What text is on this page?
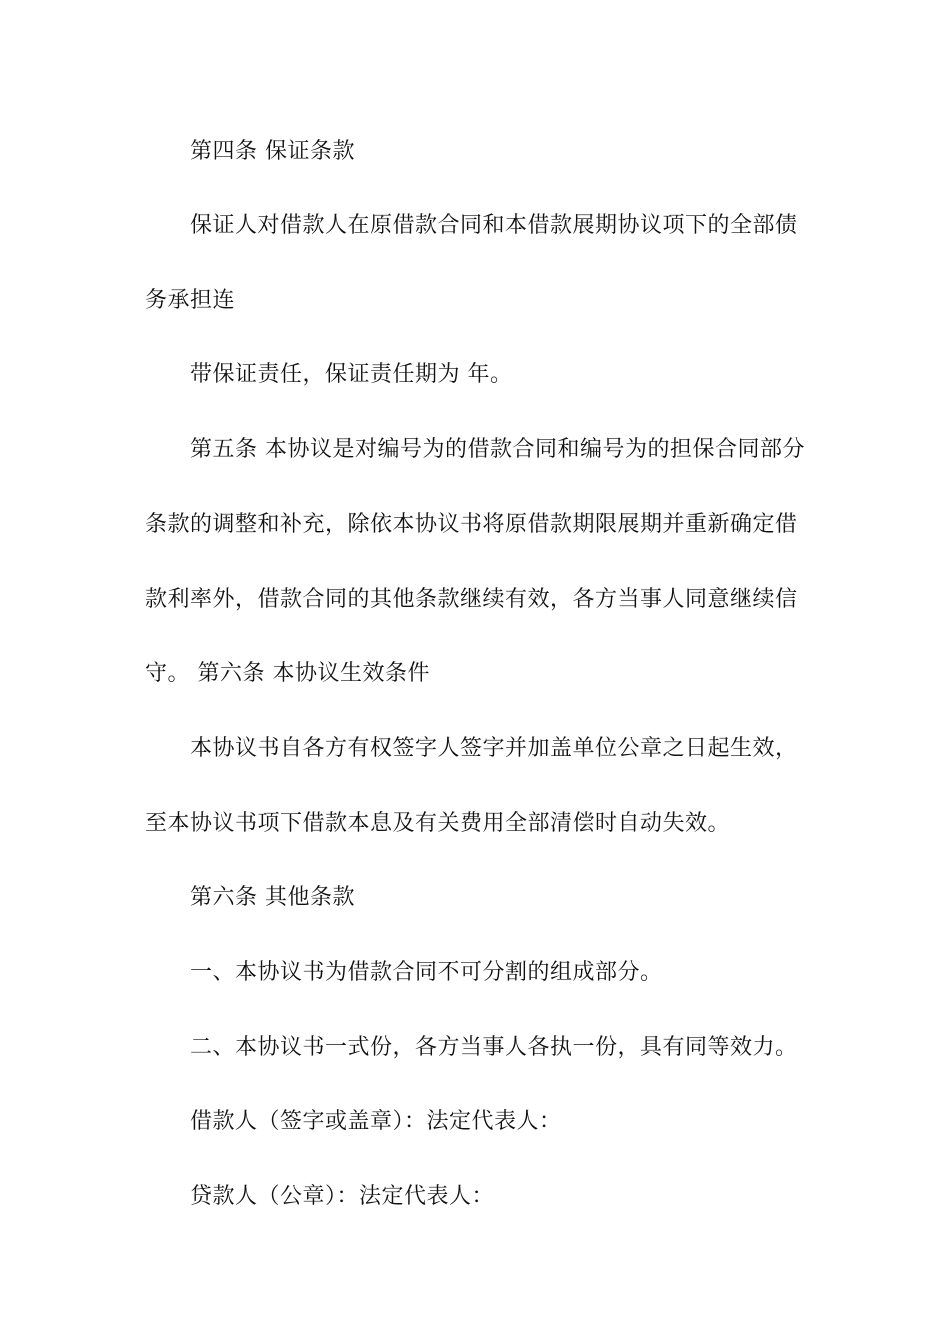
第四条 保证条款
保证人对借款人在原借款合同和本借款展期协议项下的全部债
务承担连
带保证责任，保证责任期为 年。
第五条 本协议是对编号为的借款合同和编号为的担保合同部分
条款的调整和补充，除依本协议书将原借款期限展期并重新确定借
款利率外，借款合同的其他条款继续有效，各方当事人同意继续信
守。 第六条 本协议生效条件
本协议书自各方有权签字人签字并加盖单位公章之日起生效，
至本协议书项下借款本息及有关费用全部清偿时自动失效。
第六条 其他条款
一、本协议书为借款合同不可分割的组成部分。
二、本协议书一式份，各方当事人各执一份，具有同等效力。
借款人（签字或盖章）：法定代表人：
贷款人（公章）：法定代表人：
